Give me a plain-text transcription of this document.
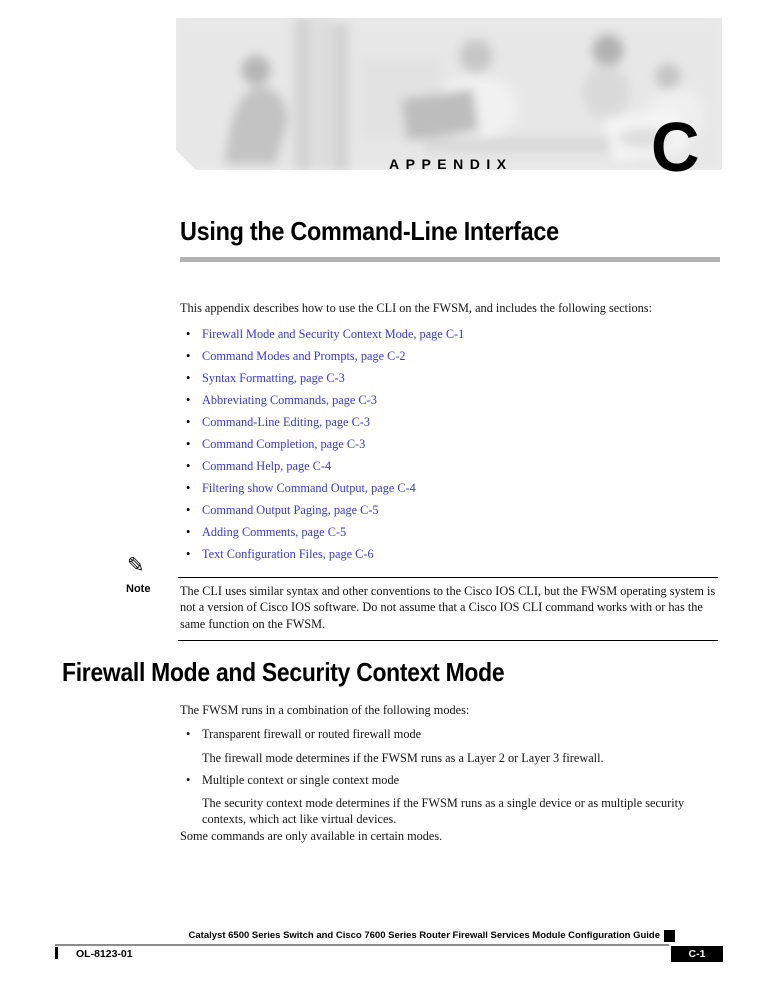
APPENDIX C
Using the Command-Line Interface
This appendix describes how to use the CLI on the FWSM, and includes the following sections:
• Firewall Mode and Security Context Mode, page C-1
• Command Modes and Prompts, page C-2
• Syntax Formatting, page C-3
• Abbreviating Commands, page C-3
• Command-Line Editing, page C-3
• Command Completion, page C-3
• Command Help, page C-4
• Filtering show Command Output, page C-4
• Command Output Paging, page C-5
• Adding Comments, page C-5
• Text Configuration Files, page C-6
✎
Note The CLI uses similar syntax and other conventions to the Cisco IOS CLI, but the FWSM operating system is not a version of Cisco IOS software. Do not assume that a Cisco IOS CLI command works with or has the same function on the FWSM.
Firewall Mode and Security Context Mode
The FWSM runs in a combination of the following modes:
• Transparent firewall or routed firewall mode
The firewall mode determines if the FWSM runs as a Layer 2 or Layer 3 firewall.
• Multiple context or single context mode
The security context mode determines if the FWSM runs as a single device or as multiple security contexts, which act like virtual devices.
Some commands are only available in certain modes.
Catalyst 6500 Series Switch and Cisco 7600 Series Router Firewall Services Module Configuration Guide
OL-8123-01	C-1
